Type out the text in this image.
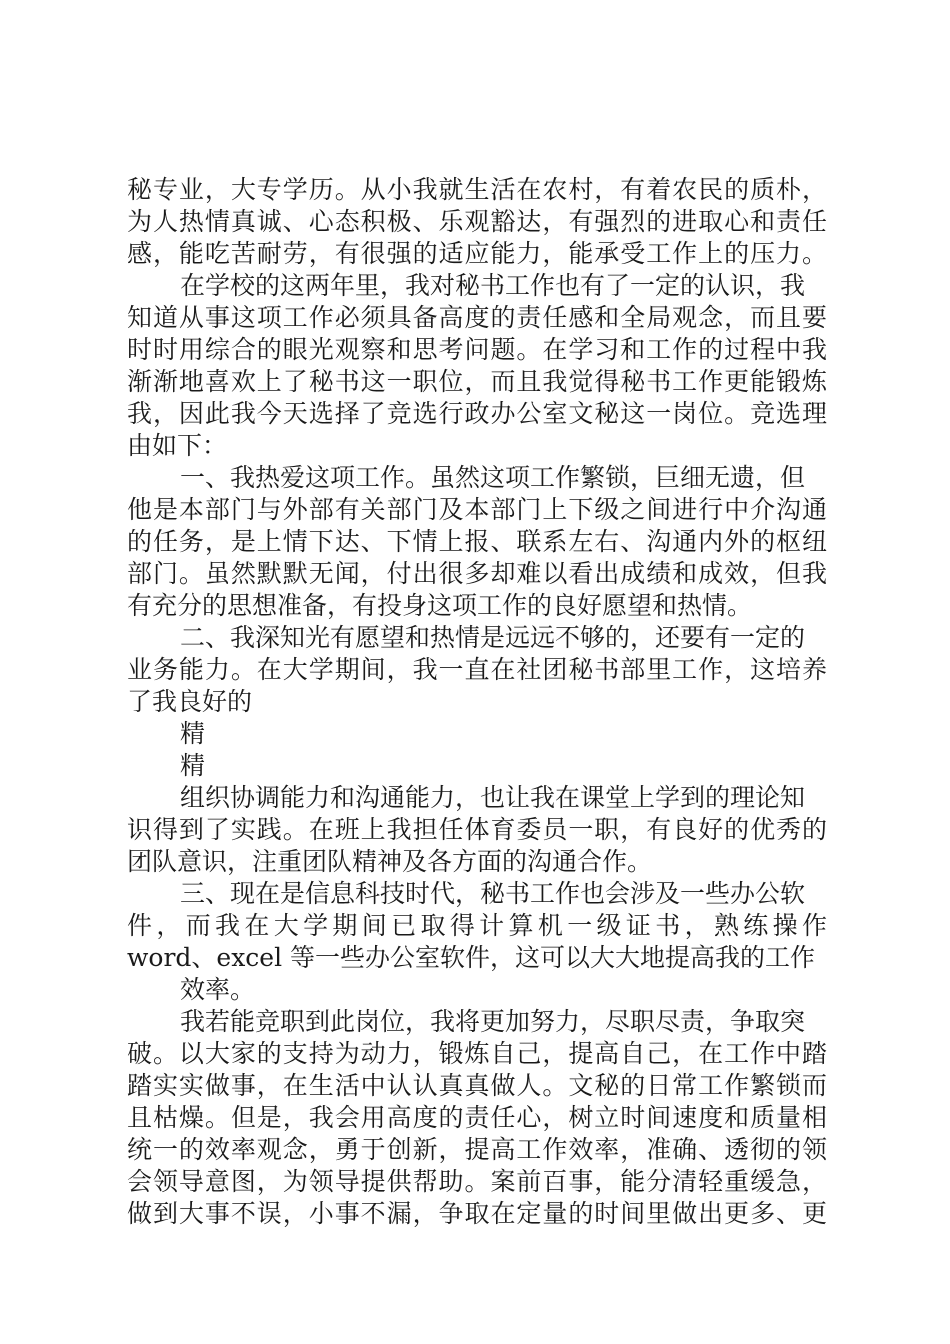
秘专业，大专学历。从小我就生活在农村，有着农民的质朴，
为人热情真诚、心态积极、乐观豁达，有强烈的进取心和责任
感，能吃苦耐劳，有很强的适应能力，能承受工作上的压力。
在学校的这两年里，我对秘书工作也有了一定的认识，我
知道从事这项工作必须具备高度的责任感和全局观念，而且要
时时用综合的眼光观察和思考问题。在学习和工作的过程中我
渐渐地喜欢上了秘书这一职位，而且我觉得秘书工作更能锻炼
我，因此我今天选择了竞选行政办公室文秘这一岗位。竞选理
由如下：
一、我热爱这项工作。虽然这项工作繁锁，巨细无遗，但
他是本部门与外部有关部门及本部门上下级之间进行中介沟通
的任务，是上情下达、下情上报、联系左右、沟通内外的枢纽
部门。虽然默默无闻，付出很多却难以看出成绩和成效，但我
有充分的思想准备，有投身这项工作的良好愿望和热情。
二、我深知光有愿望和热情是远远不够的，还要有一定的
业务能力。在大学期间，我一直在社团秘书部里工作，这培养
了我良好的
精
精
组织协调能力和沟通能力，也让我在课堂上学到的理论知
识得到了实践。在班上我担任体育委员一职，有良好的优秀的
团队意识，注重团队精神及各方面的沟通合作。
三、现在是信息科技时代，秘书工作也会涉及一些办公软
件，而我在大学期间已取得计算机一级证书，熟练操作
word、excel 等一些办公室软件，这可以大大地提高我的工作
效率。
我若能竞职到此岗位，我将更加努力，尽职尽责，争取突
破。以大家的支持为动力，锻炼自己，提高自己，在工作中踏
踏实实做事，在生活中认认真真做人。文秘的日常工作繁锁而
且枯燥。但是，我会用高度的责任心，树立时间速度和质量相
统一的效率观念，勇于创新，提高工作效率，准确、透彻的领
会领导意图，为领导提供帮助。案前百事，能分清轻重缓急，
做到大事不误，小事不漏，争取在定量的时间里做出更多、更
